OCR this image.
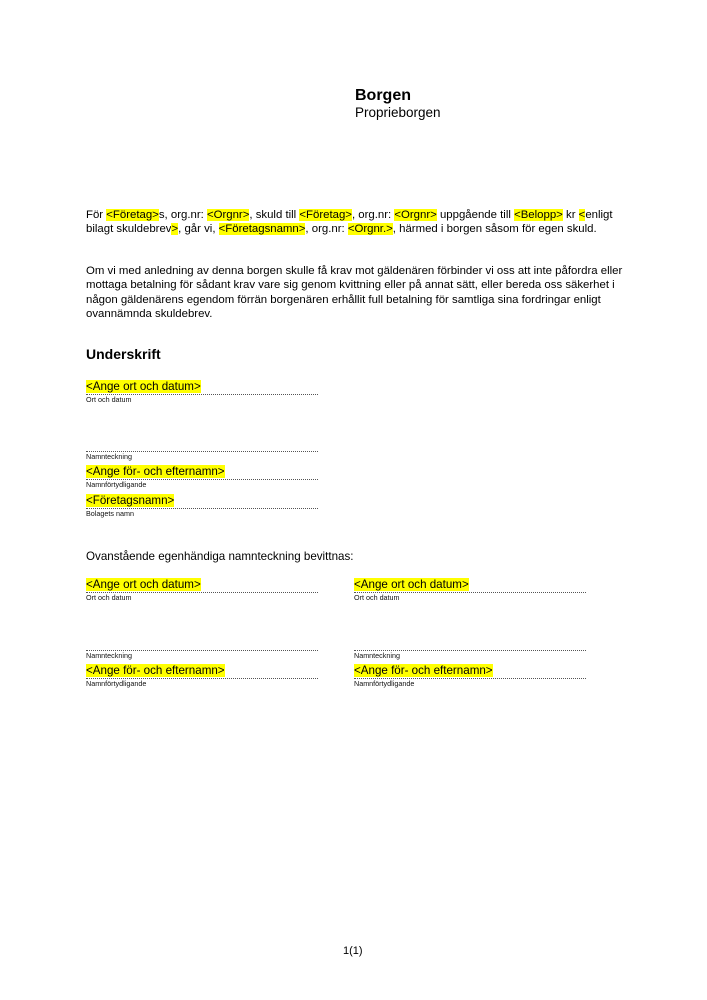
Borgen
Proprieborgen
För <Företag>s, org.nr: <Orgnr>, skuld till <Företag>, org.nr: <Orgnr> uppgående till <Belopp> kr <enligt bilagt skuldebrev>, går vi, <Företagsnamn>, org.nr: <Orgnr.>, härmed i borgen såsom för egen skuld.
Om vi med anledning av denna borgen skulle få krav mot gäldenären förbinder vi oss att inte påfordra eller mottaga betalning för sådant krav vare sig genom kvittning eller på annat sätt, eller bereda oss säkerhet i någon gäldenärens egendom förrän borgenären erhållit full betalning för samtliga sina fordringar enligt ovannämnda skuldebrev.
Underskrift
<Ange ort och datum>
Ort och datum
Namnteckning
<Ange för- och efternamn>
Namnförtydligande
<Företagsnamn>
Bolagets namn
Ovanstående egenhändiga namnteckning bevittnas:
<Ange ort och datum>
Ort och datum
Namnteckning
<Ange för- och efternamn>
Namnförtydligande
<Ange ort och datum>
Ort och datum
Namnteckning
<Ange för- och efternamn>
Namnförtydligande
1(1)
